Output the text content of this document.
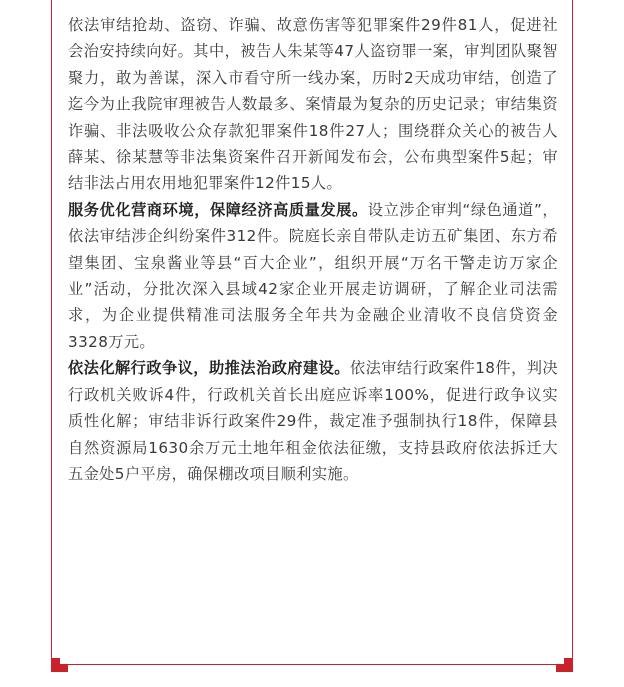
依法审结抢劫、盗窃、诈骗、故意伤害等犯罪案件29件81人，促进社会治安持续向好。其中，被告人朱某等47人盗窃罪一案，审判团队聚智聚力，敢为善谋，深入市看守所一线办案，历时2天成功审结，创造了迄今为止我院审理被告人数最多、案情最为复杂的历史记录；审结集资诈骗、非法吸收公众存款犯罪案件18件27人；围绕群众关心的被告人薛某、徐某慧等非法集资案件召开新闻发布会，公布典型案件5起；审结非法占用农用地犯罪案件12件15人。

服务优化营商环境，保障经济高质量发展。设立涉企审判“绿色通道”，依法审结涉企纠纷案件312件。院庭长亲自带队走访五矿集团、东方希望集团、宝泉酱业等县“百大企业”，组织开展“万名干警走访万家企业”活动，分批次深入县域42家企业开展走访调研，了解企业司法需求，为企业提供精准司法服务全年共为金融企业清收不良信贷资金3328万元。

依法化解行政争议，助推法治政府建设。依法审结行政案件18件，判决行政机关败诉4件，行政机关首长出庭应诉率100%，促进行政争议实质性化解；审结非诉行政案件29件，裁定准予强制执行18件，保障县自然资源局1630余万元土地年租金依法征缴，支持县政府依法拆迁大五金处5户平房，确保棚改项目顺利实施。
